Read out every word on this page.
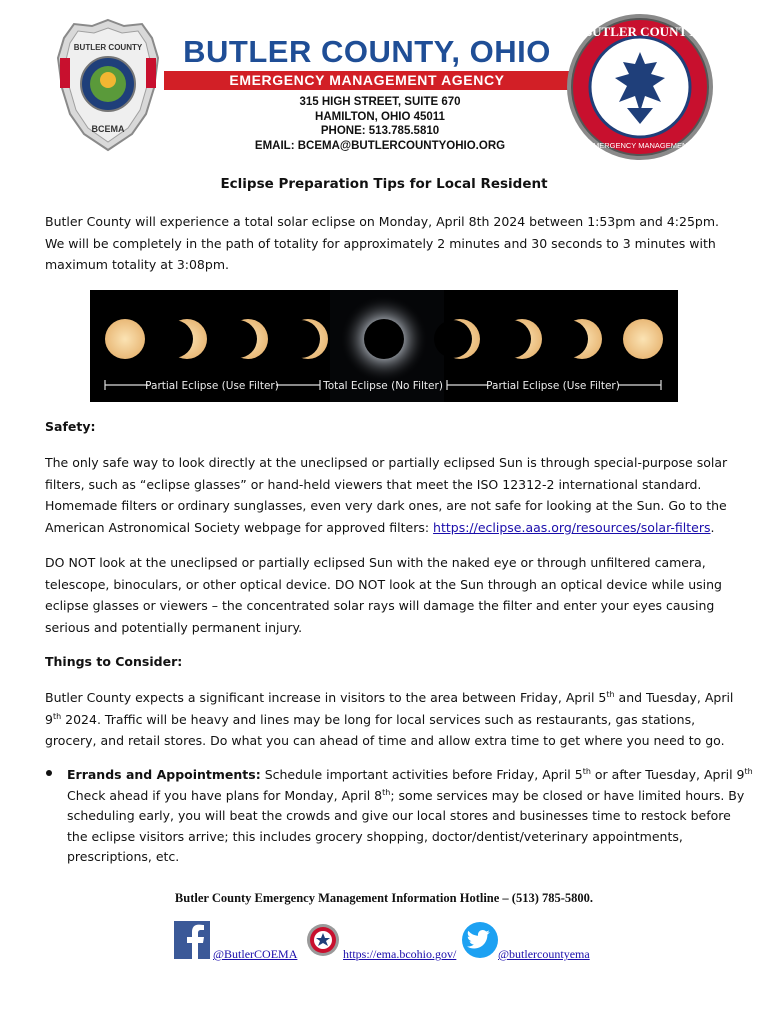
BUTLER COUNTY
BCEMA
BUTLER COUNTY, OHIO
EMERGENCY MANAGEMENT AGENCY
315 HIGH STREET, SUITE 670
HAMILTON, OHIO 45011
PHONE: 513.785.5810
EMAIL: BCEMA@BUTLERCOUNTYOHIO.ORG
BUTLER COUNTY
EMERGENCY MANAGEMENT
Eclipse Preparation Tips for Local Resident
Butler County will experience a total solar eclipse on Monday, April 8th 2024 between 1:53pm and 4:25pm.
We will be completely in the path of totality for approximately 2 minutes and 30 seconds to 3 minutes with
maximum totality at 3:08pm.
Partial Eclipse (Use Filter)	Total Eclipse (No Filter)	Partial Eclipse (Use Filter)
Safety:
The only safe way to look directly at the uneclipsed or partially eclipsed Sun is through special-purpose solar
filters, such as “eclipse glasses” or hand-held viewers that meet the ISO 12312-2 international standard.
Homemade filters or ordinary sunglasses, even very dark ones, are not safe for looking at the Sun. Go to the
American Astronomical Society webpage for approved filters: https://eclipse.aas.org/resources/solar-filters.
DO NOT look at the uneclipsed or partially eclipsed Sun with the naked eye or through unfiltered camera,
telescope, binoculars, or other optical device. DO NOT look at the Sun through an optical device while using
eclipse glasses or viewers – the concentrated solar rays will damage the filter and enter your eyes causing
serious and potentially permanent injury.
Things to Consider:
Butler County expects a significant increase in visitors to the area between Friday, April 5th and Tuesday, April
9th 2024. Traffic will be heavy and lines may be long for local services such as restaurants, gas stations,
grocery, and retail stores. Do what you can ahead of time and allow extra time to get where you need to go.
Errands and Appointments: Schedule important activities before Friday, April 5th or after Tuesday, April 9th
Check ahead if you have plans for Monday, April 8th; some services may be closed or have limited hours. By
scheduling early, you will beat the crowds and give our local stores and businesses time to restock before
the eclipse visitors arrive; this includes grocery shopping, doctor/dentist/veterinary appointments,
prescriptions, etc.
Butler County Emergency Management Information Hotline – (513) 785-5800.
@ButlerCOEMA	https://ema.bcohio.gov/	@butlercountyema
